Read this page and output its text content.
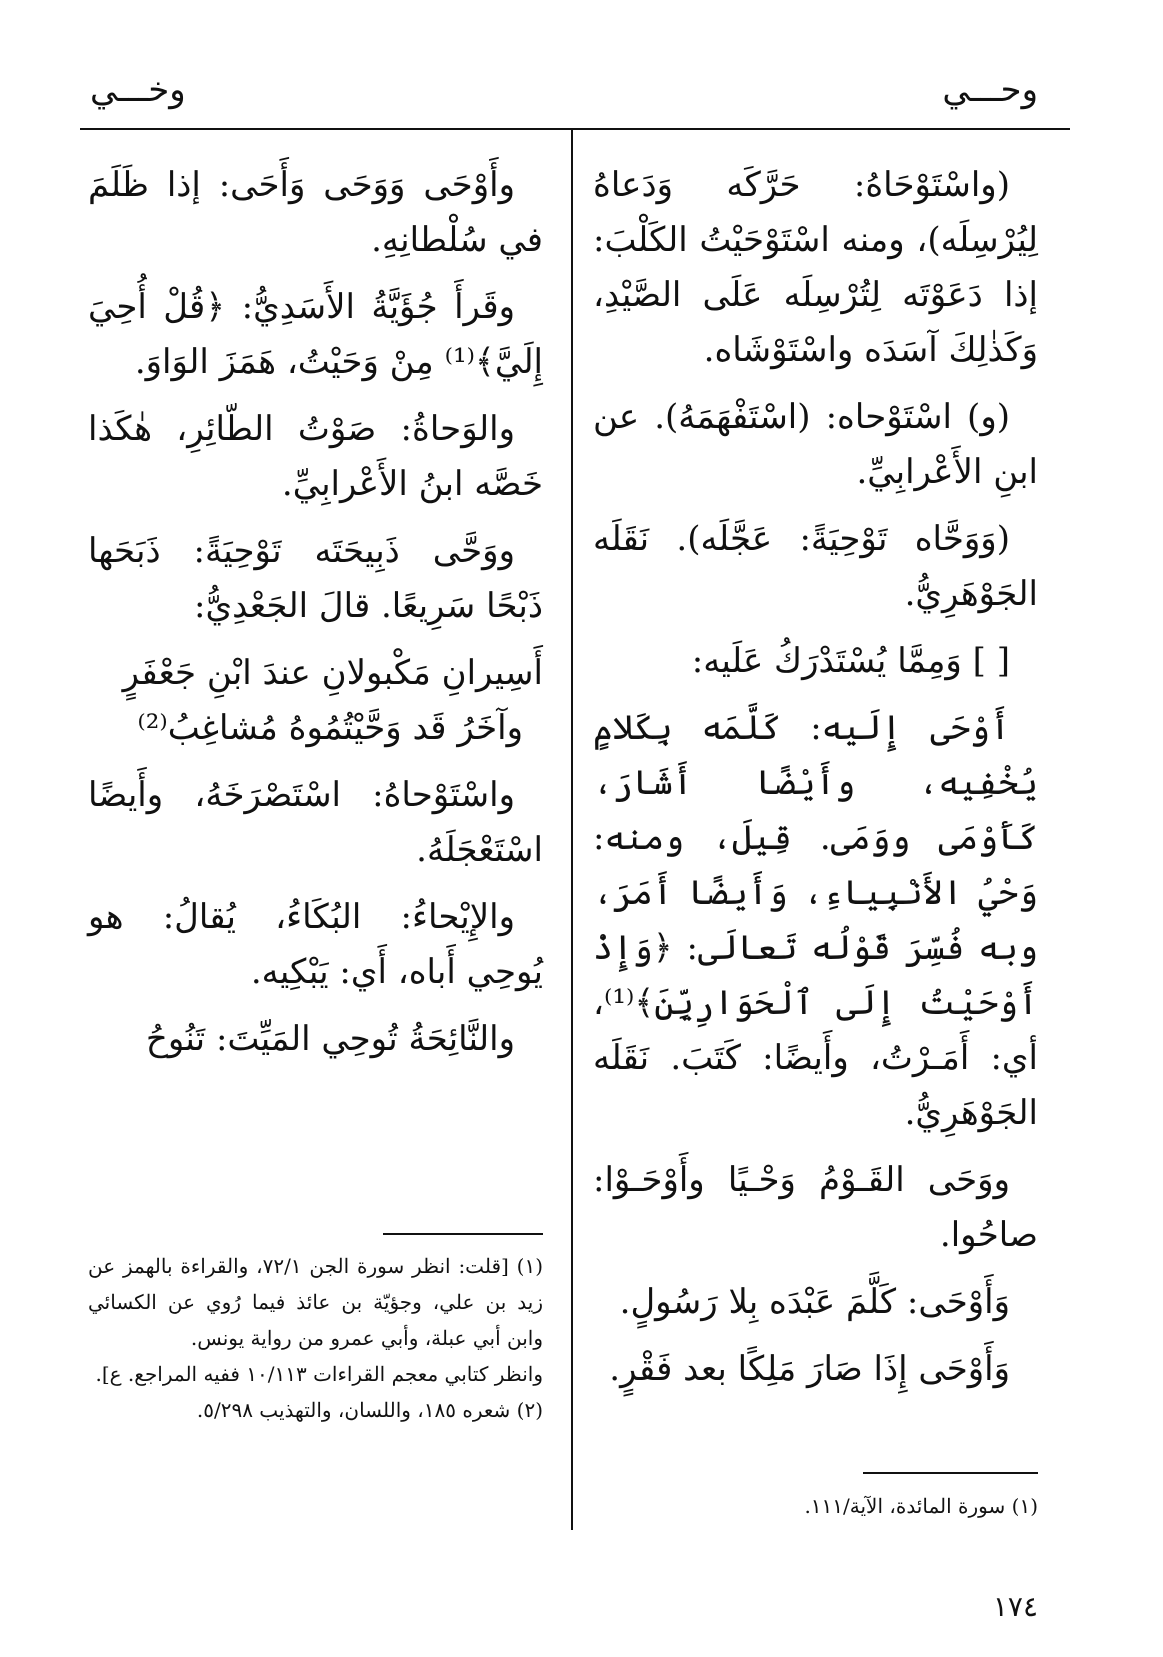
وحـــي
وخـــي

(واسْتَوْحَاهُ: حَرَّكَه وَدَعاهُ لِيُرْسِلَه)، ومنه اسْتَوْحَيْتُ الكَلْبَ: إذا دَعَوْتَه لِتُرْسِلَه عَلَى الصَّيْدِ، وَكَذٰلِكَ آسَدَه واسْتَوْشَاه.

(و) اسْتَوْحاه: (اسْتَفْهَمَهُ). عن ابنِ الأَعْرابِيِّ.

(وَوَحَّاه تَوْحِيَةً: عَجَّلَه). نَقَلَه الجَوْهَرِيُّ.

[ ] وَمِمَّا يُسْتَدْرَكُ عَلَيه:

أَوْحَى إِلَيه: كَلَّمَه بِكَلامٍ يُخْفِيه، وأَيْضًا أَشَارَ، كَأَوْمَى ووَمَى. قِيلَ، ومنه: وَحْيُ الأَنْبِياءِ، وَأَيضًا أَمَرَ، وبه فُسِّرَ قَوْلُه تَعالَى: ﴿وَإِذْ أَوْحَيْتُ إِلَى ٱلْحَوَارِيِّنَ﴾⁽¹⁾، أي: أَمَـرْتُ، وأَيضًا: كَتَبَ. نَقَلَه الجَوْهَرِيُّ.

ووَحَى القَـوْمُ وَحْـيًا وأَوْحَـوْا: صاحُوا.

وَأَوْحَى: كَلَّمَ عَبْدَه بِلا رَسُولٍ.

وَأَوْحَى إِذَا صَارَ مَلِكًا بعد فَقْرٍ.

وأَوْحَى وَوَحَى وَأَحَى: إذا ظَلَمَ في سُلْطانِهِ.

وقَرأَ جُؤَيَّةُ الأَسَدِيُّ: ﴿قُلْ أُحِيَ إِلَيَّ﴾⁽¹⁾ مِنْ وَحَيْتُ، هَمَزَ الوَاوَ.

والوَحاةُ: صَوْتُ الطّائِرِ، هٰكَذا خَصَّه ابنُ الأَعْرابِيِّ.

ووَحَّى ذَبِيحَتَه تَوْحِيَةً: ذَبَحَها ذَبْحًا سَرِيعًا. قالَ الجَعْدِيُّ:

أَسِيرانِ مَكْبولانِ عندَ ابْنِ جَعْفَرٍ

وآخَرُ قَد وَحَّيْتُمُوهُ مُشاغِبُ⁽²⁾

واسْتَوْحاهُ: اسْتَصْرَخَهُ، وأَيضًا اسْتَعْجَلَهُ.

والإِيْحاءُ: البُكَاءُ، يُقالُ: هو يُوحِي أَباه، أَي: يَبْكِيه.

والنَّائِحَةُ تُوحِي المَيِّتَ: تَنُوحُ

(١) سورة المائدة، الآية/١١١.

(١) [قلت: انظر سورة الجن ٧٢/١، والقراءة بالهمز عن زيد بن علي، وجؤيّة بن عائذ فيما رُوي عن الكسائي وابن أبي عبلة، وأبي عمرو من رواية يونس.

وانظر كتابي معجم القراءات ١٠/١١٣ ففيه المراجع. ع].

(٢) شعره ١٨٥، واللسان، والتهذيب ٥/٢٩٨.

١٧٤
